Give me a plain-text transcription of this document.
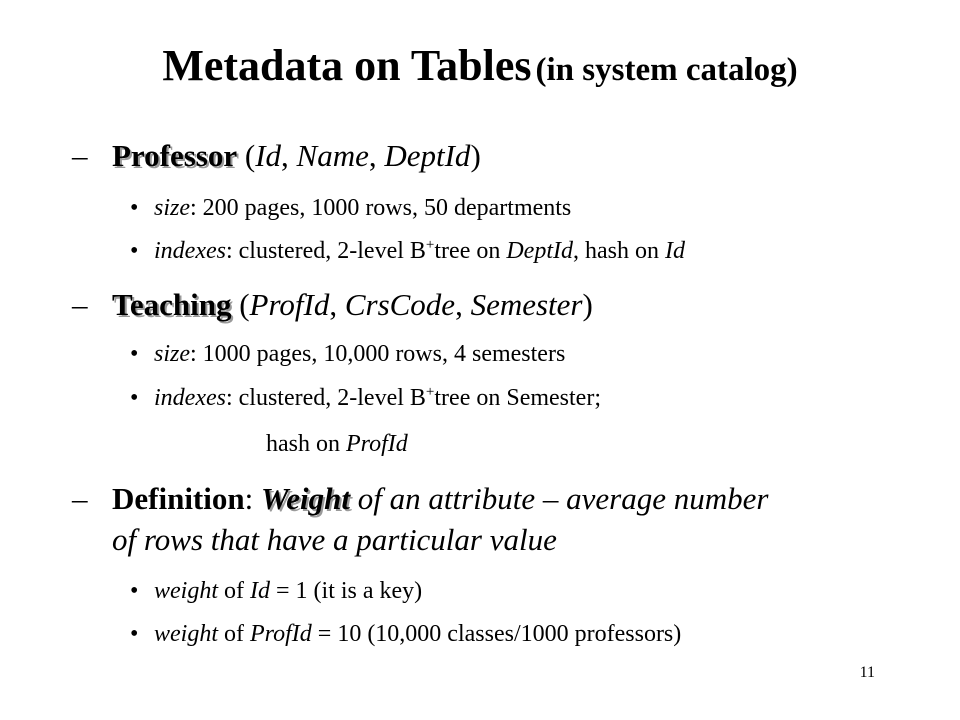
Metadata on Tables (in system catalog)
– Professor (Id, Name, DeptId)
• size: 200 pages, 1000 rows, 50 departments
• indexes: clustered, 2-level B+tree on DeptId, hash on Id
– Teaching (ProfId, CrsCode, Semester)
• size: 1000 pages, 10,000 rows, 4 semesters
• indexes: clustered, 2-level B+tree on Semester;
hash on ProfId
– Definition: Weight of an attribute – average number
of rows that have a particular value
• weight of Id = 1 (it is a key)
• weight of ProfId = 10 (10,000 classes/1000 professors)
11
